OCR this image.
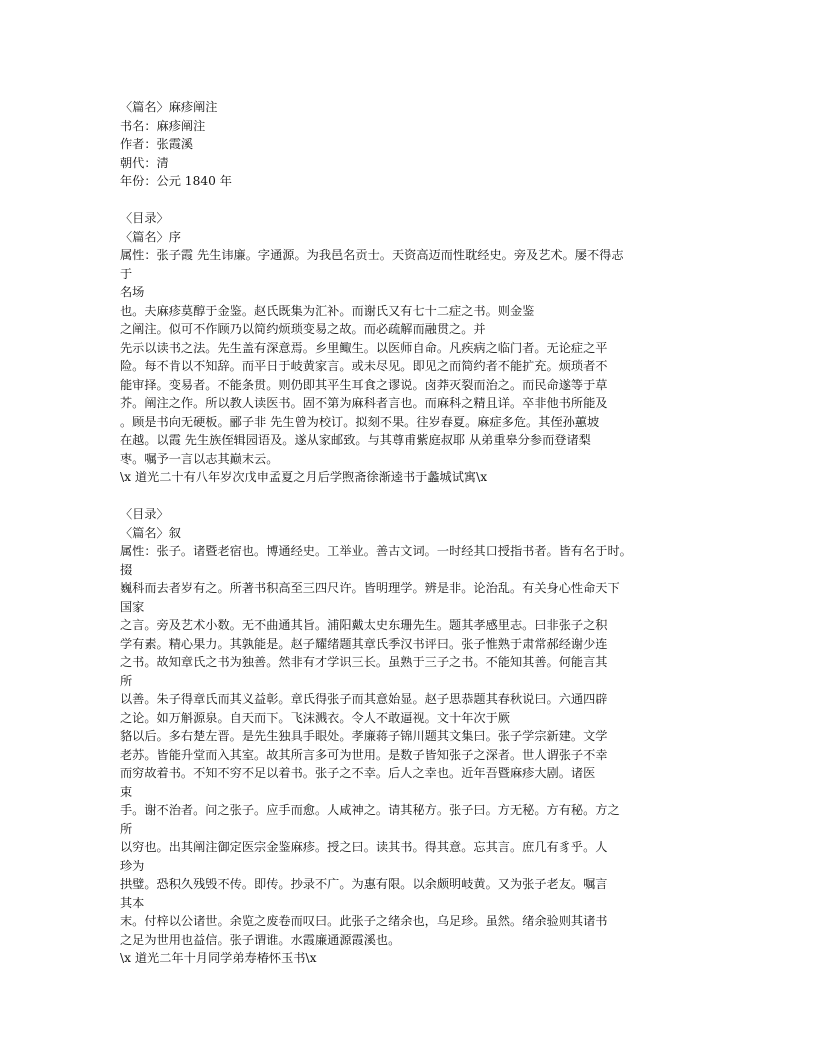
〈篇名〉麻疹阐注
书名：麻疹阐注
作者：张霞溪
朝代：清
年份：公元 1840 年
〈目录〉
〈篇名〉序
属性：张子霞 先生讳廉。字通源。为我邑名贡士。天资高迈而性耽经史。旁及艺术。屡不得志
于
名场
也。夫麻疹莫醇于金鉴。赵氏既集为汇补。而谢氏又有七十二症之书。则金鉴
之阐注。似可不作顾乃以简约烦琐变易之故。而必疏解而融贯之。并
先示以读书之法。先生盖有深意焉。乡里鲰生。以医师自命。凡疾病之临门者。无论症之平
险。每不肯以不知辞。而平日于岐黄家言。或未尽见。即见之而简约者不能扩充。烦琐者不
能审择。变易者。不能条贯。则仍即其平生耳食之谬说。卤莽灭裂而治之。而民命遂等于草
芥。阐注之作。所以教人读医书。固不第为麻科者言也。而麻科之精且详。卒非他书所能及
。顾是书向无硬板。郦子非 先生曾为校订。拟刻不果。往岁春夏。麻症多危。其侄孙蕙坡
在越。以霞 先生族侄辑园语及。遂从家邮致。与其尊甫紫庭叔耶 从弟重皋分参而登诸梨
枣。嘱予一言以志其巅末云。
\x 道光二十有八年岁次戊申孟夏之月后学煦斋徐渐逵书于蠡城试寓\x
〈目录〉
〈篇名〉叙
属性：张子。诸暨老宿也。博通经史。工举业。善古文词。一时经其口授指书者。皆有名于时。
掇
巍科而去者岁有之。所著书积高至三四尺许。皆明理学。辨是非。论治乱。有关身心性命天下
国家
之言。旁及艺术小数。无不曲通其旨。浦阳戴太史东珊先生。题其孝感里志。曰非张子之积
学有素。精心果力。其孰能是。赵子耀绪题其章氏季汉书评曰。张子惟熟于肃常郝经谢少连
之书。故知章氏之书为独善。然非有才学识三长。虽熟于三子之书。不能知其善。何能言其
所
以善。朱子得章氏而其义益彰。章氏得张子而其意始显。赵子思恭题其春秋说曰。六通四辟
之论。如万斛源泉。自天而下。飞沫溅衣。令人不敢逼视。文十年次于厥
貉以后。多右楚左晋。是先生独具手眼处。孝廉蒋子锦川题其文集曰。张子学宗新建。文学
老苏。皆能升堂而入其室。故其所言多可为世用。是数子皆知张子之深者。世人谓张子不幸
而穷故着书。不知不穷不足以着书。张子之不幸。后人之幸也。近年吾暨麻疹大剧。诸医
束
手。谢不治者。问之张子。应手而愈。人咸神之。请其秘方。张子曰。方无秘。方有秘。方之
所
以穷也。出其阐注御定医宗金鉴麻疹。授之曰。读其书。得其意。忘其言。庶几有豸乎。人
珍为
拱璧。恐积久残毁不传。即传。抄录不广。为惠有限。以余颇明岐黄。又为张子老友。嘱言
其本
末。付梓以公诸世。余览之废卷而叹曰。此张子之绪余也，乌足珍。虽然。绪余验则其诸书
之足为世用也益信。张子谓谁。水霞廉通源霞溪也。
\x 道光二年十月同学弟寿椿怀玉书\x
